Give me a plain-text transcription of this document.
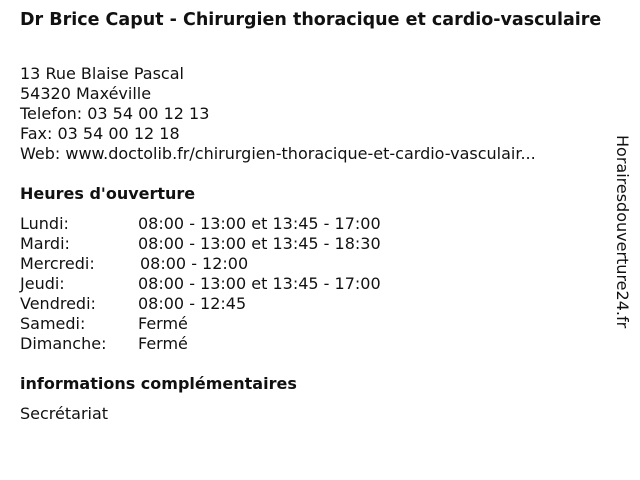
Dr Brice Caput - Chirurgien thoracique et cardio-vasculaire
13 Rue Blaise Pascal
54320 Maxéville
Telefon: 03 54 00 12 13
Fax: 03 54 00 12 18
Web: www.doctolib.fr/chirurgien-thoracique-et-cardio-vasculair...
Heures d'ouverture
Lundi:	08:00 - 13:00 et 13:45 - 17:00
Mardi:	08:00 - 13:00 et 13:45 - 18:30
Mercredi:	08:00 - 12:00
Jeudi:	08:00 - 13:00 et 13:45 - 17:00
Vendredi:	08:00 - 12:45
Samedi:	Fermé
Dimanche: Fermé
informations complémentaires
Secrétariat
Horairesdouverture24.fr
